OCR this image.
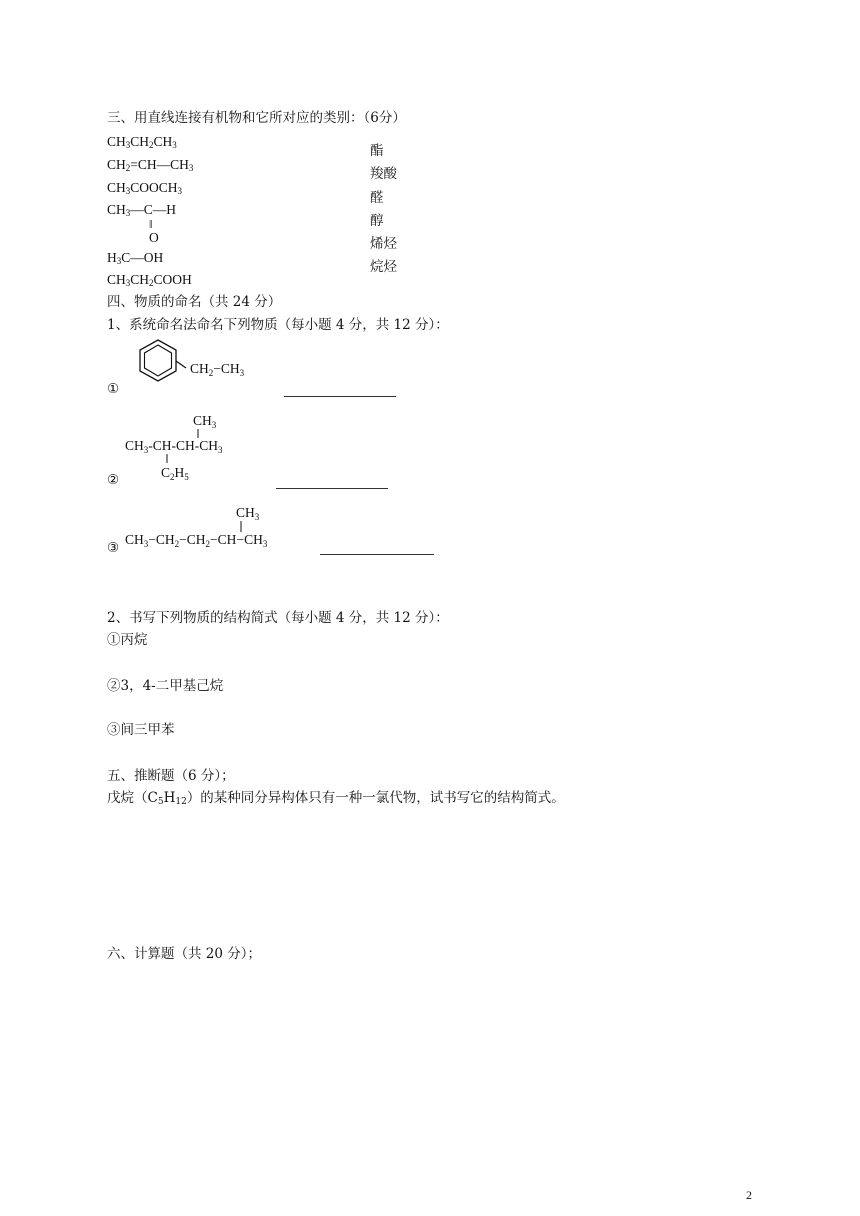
三、用直线连接有机物和它所对应的类别：（6分）
$CH_3CH_2CH_3$
$CH_2=CH—CH_3$
$CH_3COOCH_3$
$CH_3—C—H$
‖
O
$H_3C—OH$
$CH_3CH_2COOH$
酯
羧酸
醛
醇
烯烃
烷烃
四、物质的命名（共 24 分）
1、系统命名法命名下列物质（每小题 4 分，共 12 分）：
①
$CH_2-CH_3$
②
$CH_3$
$CH_3-CH-CH-CH_3$
$C_2H_5$
③
$CH_3$
$CH_3-CH_2-CH_2-CH-CH_3$
2、书写下列物质的结构简式（每小题 4 分，共 12 分）：
①丙烷
②3，4-二甲基己烷
③间三甲苯
五、推断题（6 分）；
戊烷$(C_5H_{12})$的某种同分异构体只有一种一氯代物，试书写它的结构简式。
六、计算题（共 20 分）；
2
